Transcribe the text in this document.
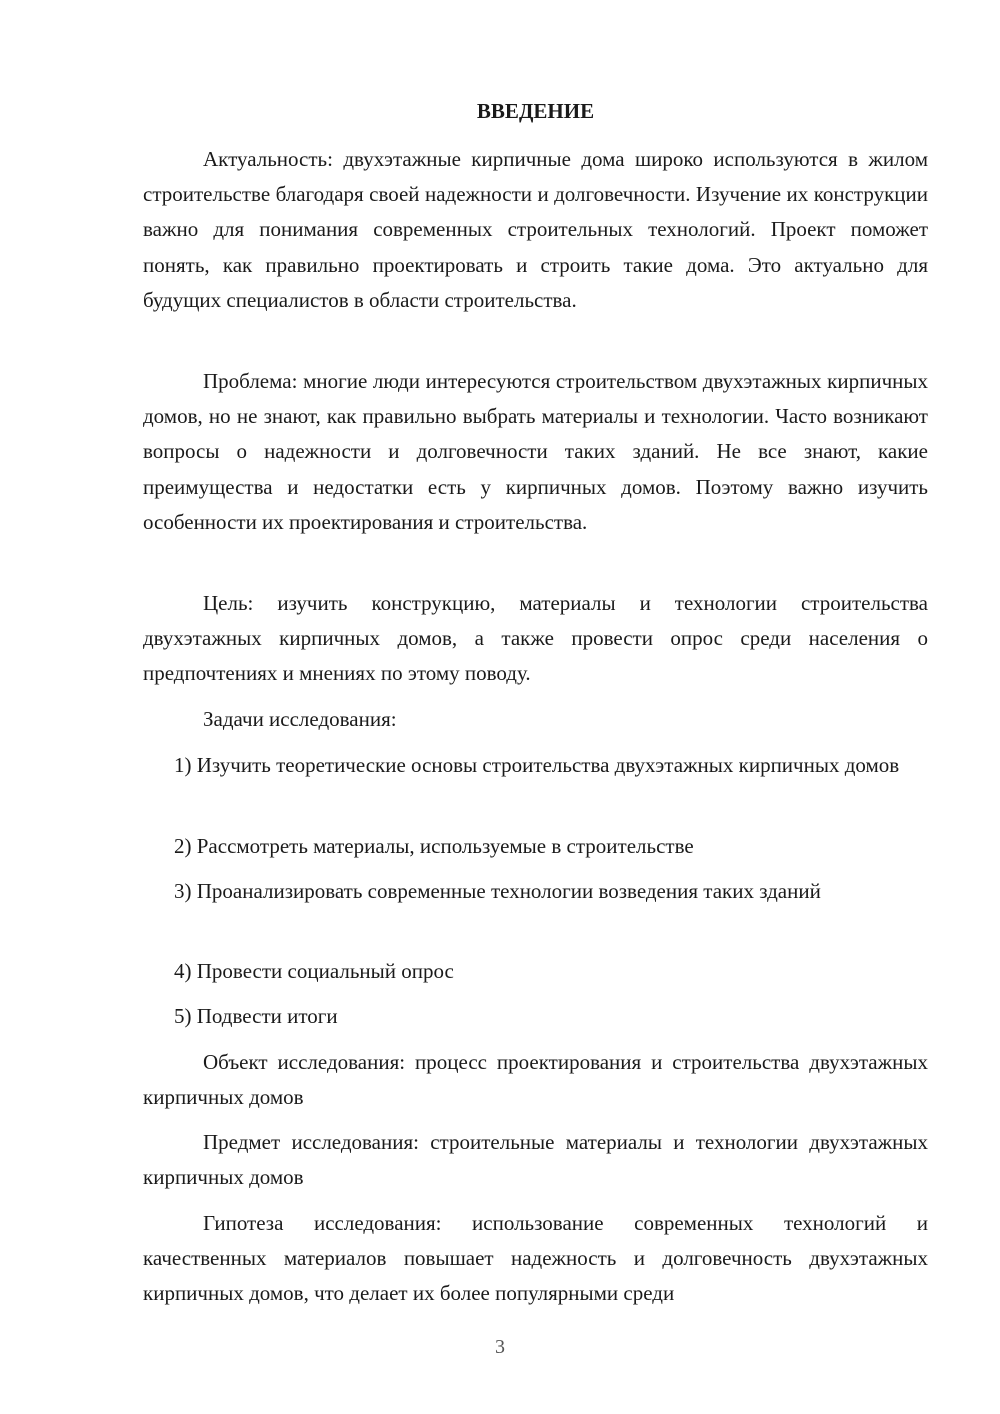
ВВЕДЕНИЕ

Актуальность: двухэтажные кирпичные дома широко используются в жилом строительстве благодаря своей надежности и долговечности. Изучение их конструкции важно для понимания современных строительных технологий. Проект поможет понять, как правильно проектировать и строить такие дома. Это актуально для будущих специалистов в области строительства.

Проблема: многие люди интересуются строительством двухэтажных кирпичных домов, но не знают, как правильно выбрать материалы и технологии. Часто возникают вопросы о надежности и долговечности таких зданий. Не все знают, какие преимущества и недостатки есть у кирпичных домов. Поэтому важно изучить особенности их проектирования и строительства.

Цель: изучить конструкцию, материалы и технологии строительства двухэтажных кирпичных домов, а также провести опрос среди населения о предпочтениях и мнениях по этому поводу.

Задачи исследования:

1) Изучить теоретические основы строительства двухэтажных кирпичных домов

2) Рассмотреть материалы, используемые в строительстве

3) Проанализировать современные технологии возведения таких зданий

4) Провести социальный опрос

5) Подвести итоги

Объект исследования: процесс проектирования и строительства двухэтажных кирпичных домов

Предмет исследования: строительные материалы и технологии двухэтажных кирпичных домов

Гипотеза исследования: использование современных технологий и качественных материалов повышает надежность и долговечность двухэтажных кирпичных домов, что делает их более популярными среди

3
